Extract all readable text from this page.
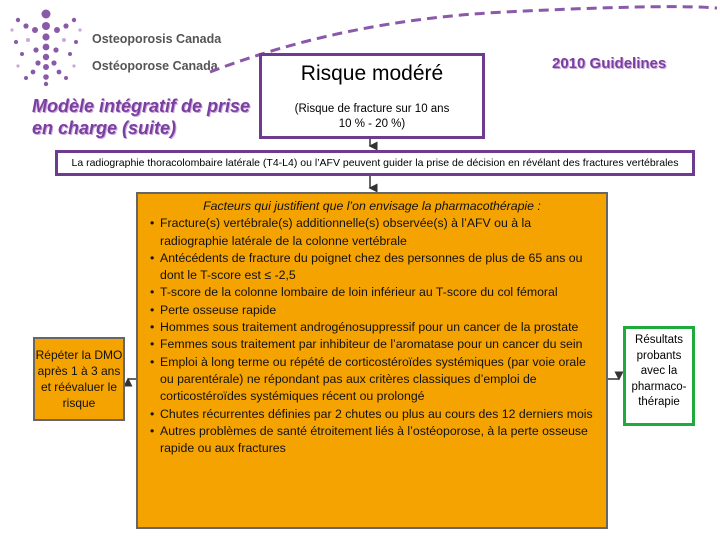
Osteoporosis Canada
Ostéoporose Canada
Modèle intégratif de prise en charge (suite)
Risque modéré
(Risque de fracture sur 10 ans 10 % - 20 %)
2010 Guidelines
La radiographie thoracolombaire latérale (T4-L4) ou l’AFV peuvent guider la prise de décision en révélant des fractures vertébrales
Facteurs qui justifient que l’on envisage la pharmacothérapie :
• Fracture(s) vertébrale(s) additionnelle(s) observée(s) à l’AFV ou à la radiographie latérale de la colonne vertébrale
• Antécédents de fracture du poignet chez des personnes de plus de 65 ans ou dont le T-score est ≤ -2,5
• T-score de la colonne lombaire de loin inférieur au T-score du col fémoral
• Perte osseuse rapide
• Hommes sous traitement androgénosuppressif pour un cancer de la prostate
• Femmes sous traitement par inhibiteur de l’aromatase pour un cancer du sein
• Emploi à long terme ou répété de corticostéroïdes systémiques (par voie orale ou parentérale) ne répondant pas aux critères classiques d’emploi de corticostéroïdes systémiques récent ou prolongé
• Chutes récurrentes définies par 2 chutes ou plus au cours des 12 derniers mois
• Autres problèmes de santé étroitement liés à l’ostéoporose, à la perte osseuse rapide ou aux fractures
Répéter la DMO après 1 à 3 ans et réévaluer le risque
Résultats probants avec la pharmaco-thérapie
